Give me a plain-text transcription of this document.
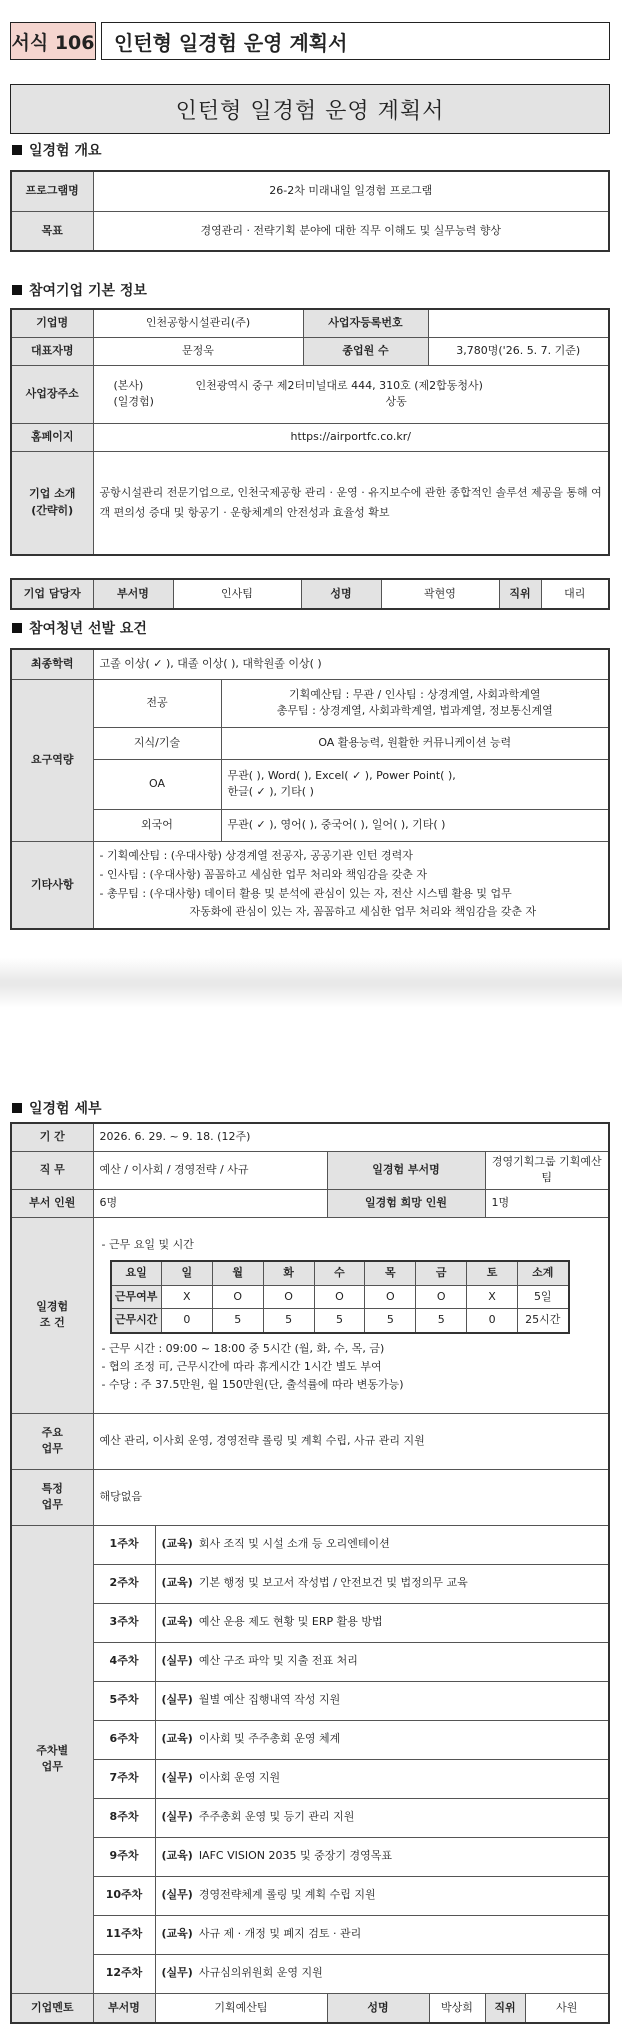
서식 106 인턴형 일경험 운영 계획서
인턴형 일경험 운영 계획서
일경험 개요
프로그램명	26-2차 미래내일 일경험 프로그램
목표	경영관리 · 전략기획 분야에 대한 직무 이해도 및 실무능력 향상
참여기업 기본 정보
기업명	인천공항시설관리(주)	사업자등록번호	
대표자명	문정욱	종업원 수	3,780명('26. 5. 7. 기준)
사업장주소	(본사) 인천광역시 중구 제2터미널대로 444, 310호 (제2합동청사)
(일경험) 상동		

홈페이지	https://airportfc.co.kr/		

기업 소개
(간략히)	공항시설관리 전문기업으로, 인천국제공항 관리 · 운영 · 유지보수에 관한 종합적인 솔루션 제공을 통해 여객 편의성 증대 및 항공기 · 운항체계의 안전성과 효율성 확보		
기업 담당자	부서명	인사팀	성명	곽현영	직위	대리
참여청년 선발 요건
최종학력	고졸 이상( ✓ ), 대졸 이상( ), 대학원졸 이상( )	
요구역량	전공	기획예산팀 : 무관 / 인사팀 : 상경계열, 사회과학계열
총무팀 : 상경계열, 사회과학계열, 법과계열, 정보통신계열

	지식/기술	OA 활용능력, 원활한 커뮤니케이션 능력
	OA	무관( ), Word( ), Excel( ✓ ), Power Point( ),
한글( ✓ ), 기타( )

	외국어	무관( ✓ ), 영어( ), 중국어( ), 일어( ), 기타( )
기타사항	- 기획예산팀 : (우대사항) 상경계열 전공자, 공공기관 인턴 경력자
- 인사팀 : (우대사항) 꼼꼼하고 세심한 업무 처리와 책임감을 갖춘 자
- 총무팀 : (우대사항) 데이터 활용 및 분석에 관심이 있는 자, 전산 시스템 활용 및 업무
자동화에 관심이 있는 자, 꼼꼼하고 세심한 업무 처리와 책임감을 갖춘 자	
일경험 세부
기 간	2026. 6. 29. ~ 9. 18. (12주)
직 무	예산 / 이사회 / 경영전략 / 사규	일경험 부서명	경영기획그룹 기획예산팀
부서 인원	6명	일경험 희망 인원	1명

일경험
조 건

- 근무 요일 및 시간
요일	일	월	화	수	목	금	토	소계
근무여부	X	O	O	O	O	O	X	5일
근무시간	0	5	5	5	5	5	0	25시간
- 근무 시간 : 09:00 ~ 18:00 중 5시간 (월, 화, 수, 목, 금)
- 협의 조정 可, 근무시간에 따라 휴게시간 1시간 별도 부여
- 수당 : 주 37.5만원, 월 150만원(단, 출석률에 따라 변동가능)

주요
업무
	예산 관리, 이사회 운영, 경영전략 롤링 및 계획 수립, 사규 관리 지원

특정
업무
	해당없음

주차별
업무
	1주차	(교육) 회사 조직 및 시설 소개 등 오리엔테이션
2주차	(교육) 기본 행정 및 보고서 작성법 / 안전보건 및 법정의무 교육
3주차	(교육) 예산 운용 제도 현황 및 ERP 활용 방법
4주차	(실무) 예산 구조 파악 및 지출 전표 처리
5주차	(실무) 월별 예산 집행내역 작성 지원
6주차	(교육) 이사회 및 주주총회 운영 체계
7주차	(실무) 이사회 운영 지원
8주차	(실무) 주주총회 운영 및 등기 관리 지원
9주차	(교육) IAFC VISION 2035 및 중장기 경영목표
10주차	(실무) 경영전략체계 롤링 및 계획 수립 지원
11주차	(교육) 사규 제 · 개정 및 폐지 검토 · 관리
12주차	(실무) 사규심의위원회 운영 지원
기업멘토	부서명	기획예산팀	성명	박상희	직위	사원
